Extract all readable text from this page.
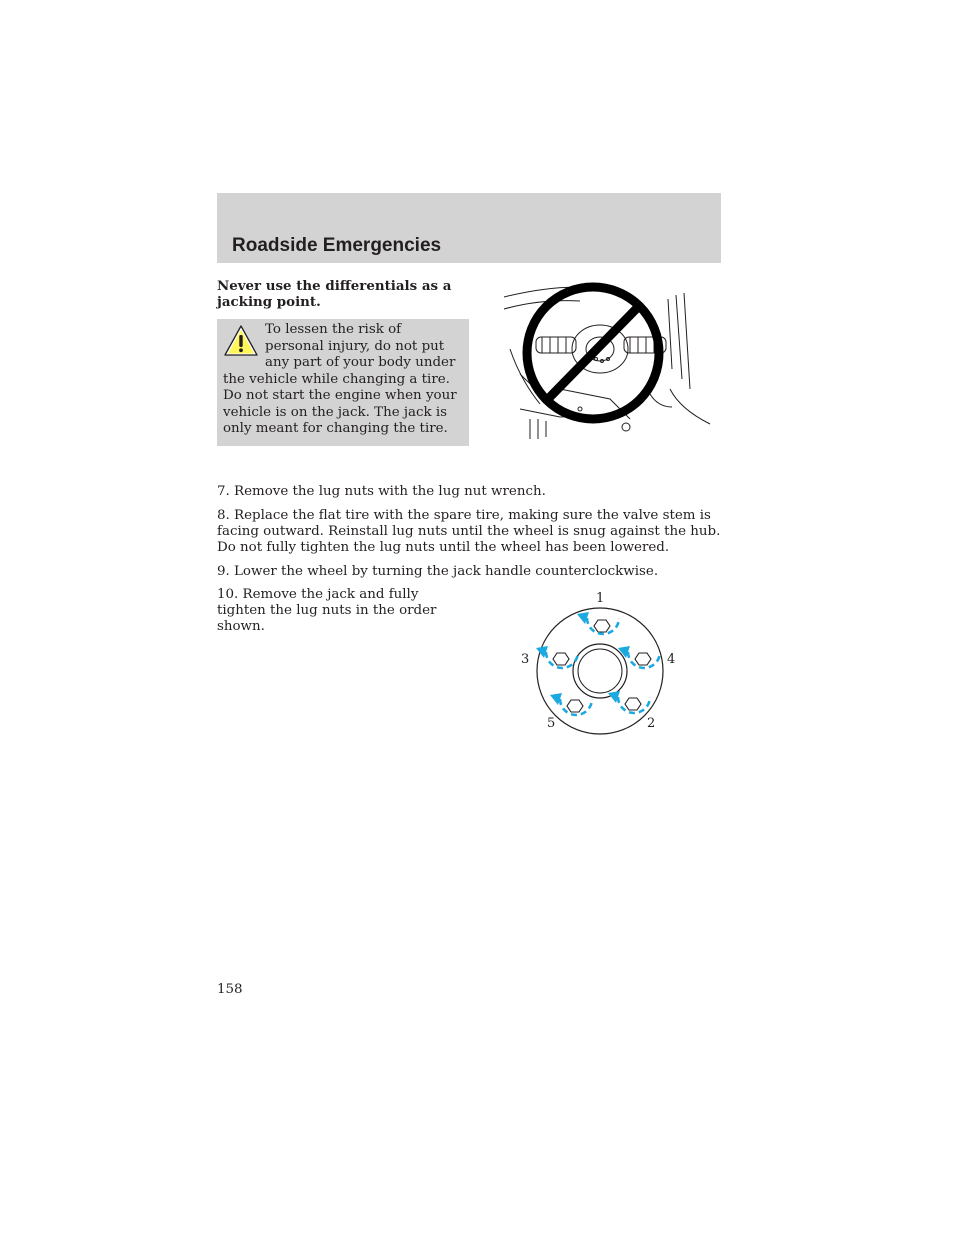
Roadside Emergencies

Never use the differentials as a jacking point.

To lessen the risk of personal injury, do not put any part of your body under the vehicle while changing a tire. Do not start the engine when your vehicle is on the jack. The jack is only meant for changing the tire.

7. Remove the lug nuts with the lug nut wrench.

8. Replace the flat tire with the spare tire, making sure the valve stem is facing outward. Reinstall lug nuts until the wheel is snug against the hub. Do not fully tighten the lug nuts until the wheel has been lowered.

9. Lower the wheel by turning the jack handle counterclockwise.

10. Remove the jack and fully tighten the lug nuts in the order shown.

1
3	4
5	2

158
